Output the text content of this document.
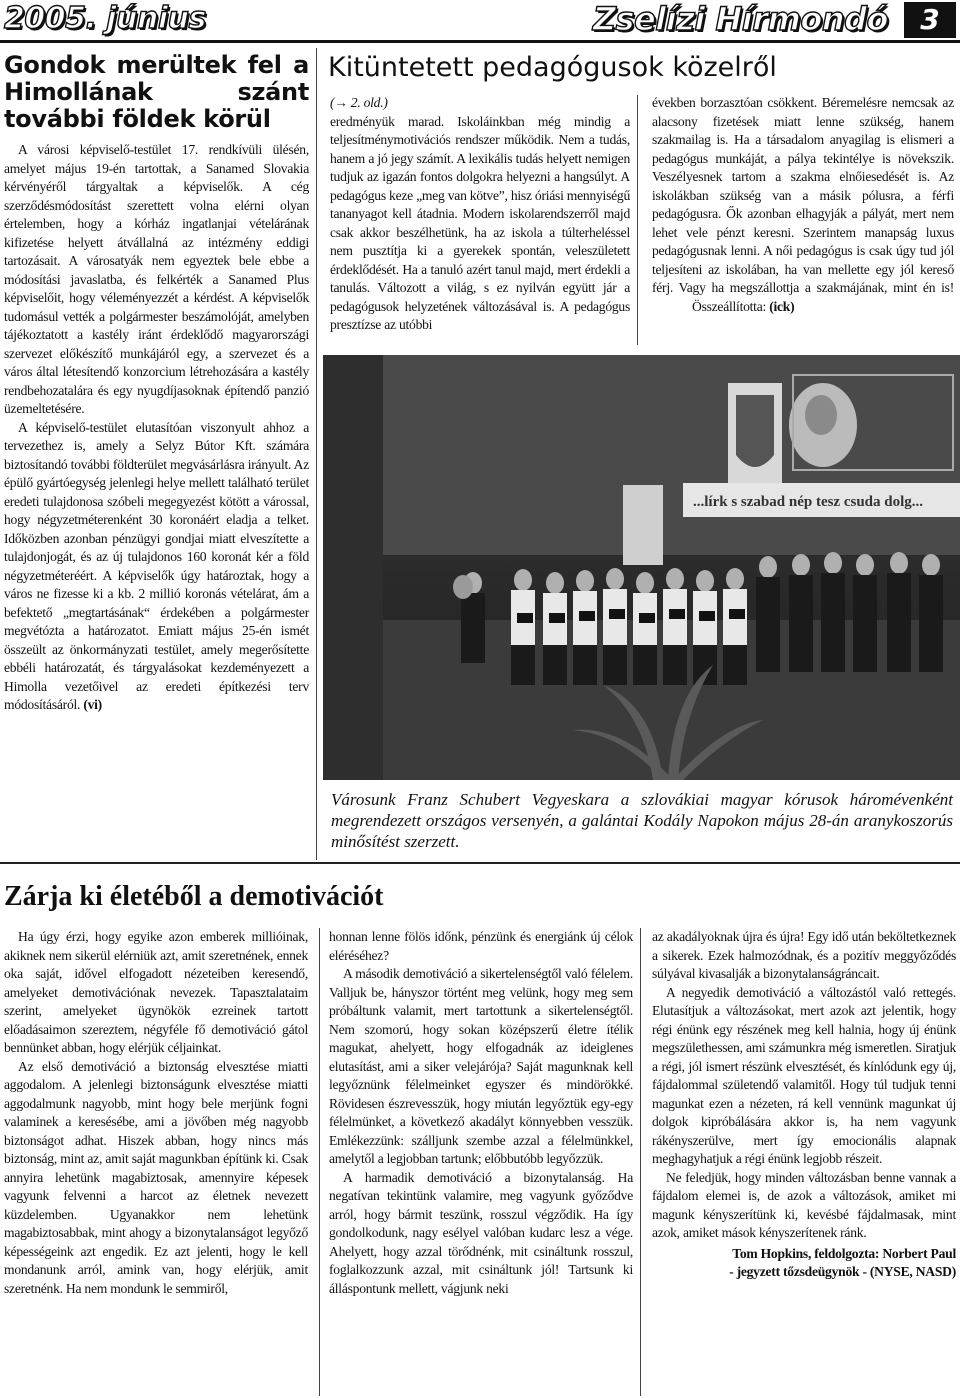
2005. június	Zselízi Hírmondó	3
Gondok merültek fel a Himollának szánt további földek körül

A városi képviselő-testület 17. rendkívüli ülésén, amelyet május 19-én tartottak, a Sanamed Slovakia kérvényéről tárgyaltak a képviselők. A cég szerződésmódosítást szerettett volna elérni olyan értelemben, hogy a kórház ingatlanjai vételárának kifizetése helyett átvállalná az intézmény eddigi tartozásait. A városatyák nem egyeztek bele ebbe a módosítási javaslatba, és felkérték a Sanamed Plus képviselőit, hogy véleményezzét a kérdést. A képviselők tudomásul vették a polgármester beszámolóját, amelyben tájékoztatott a kastély iránt érdeklődő magyarországi szervezet előkészítő munkájáról egy, a szervezet és a város által létesítendő konzorcium létrehozására a kastély rendbehozatalára és egy nyugdíjasoknak építendő panzió üzemeltetésére.

A képviselő-testület elutasítóan viszonyult ahhoz a tervezethez is, amely a Selyz Bútor Kft. számára biztosítandó további földterület megvásárlásra irányult. Az épülő gyártóegység jelenlegi helye mellett található terület eredeti tulajdonosa szóbeli megegyezést kötött a várossal, hogy négyzetméterenként 30 koronáért eladja a telket. Időközben azonban pénzügyi gondjai miatt elveszítette a tulajdonjogát, és az új tulajdonos 160 koronát kér a föld négyzetméteréért. A képviselők úgy határoztak, hogy a város ne fizesse ki a kb. 2 millió koronás vételárat, ám a befektető „megtartásának“ érdekében a polgármester megvétózta a határozatot. Emiatt május 25-én ismét összeült az önkormányzati testület, amely megerősítette ebbéli határozatát, és tárgyalásokat kezdeményezett a Himolla vezetőivel az eredeti építkezési terv módosításáról. (vi)

Kitüntetett pedagógusok közelről

(→ 2. old.)

eredményük marad. Iskoláinkban még mindig a teljesítménymotivációs rendszer működik. Nem a tudás, hanem a jó jegy számít. A lexikális tudás helyett nemigen tudjuk az igazán fontos dolgokra helyezni a hangsúlyt. A pedagógus keze „meg van kötve”, hisz óriási mennyiségű tananyagot kell átadnia. Modern iskolarendszerről majd csak akkor beszélhetünk, ha az iskola a túlterheléssel nem pusztítja ki a gyerekek spontán, veleszületett érdeklődését. Ha a tanuló azért tanul majd, mert érdekli a tanulás. Változott a világ, s ez nyilván együtt jár a pedagógusok helyzetének változásával is. A pedagógus presztízse az utóbbi

években borzasztóan csökkent. Béremelésre nemcsak az alacsony fizetések miatt lenne szükség, hanem szakmailag is. Ha a társadalom anyagilag is elismeri a pedagógus munkáját, a pálya tekintélye is növekszik. Veszélyesnek tartom a szakma elnőiesedését is. Az iskolákban szükség van a másik pólusra, a férfi pedagógusra. Ők azonban elhagyják a pályát, mert nem lehet vele pénzt keresni. Szerintem manapság luxus pedagógusnak lenni. A női pedagógus is csak úgy tud jól teljesíteni az iskolában, ha van mellette egy jól kereső férj. Vagy ha megszállottja a szakmájának, mint én is! Összeállította: (ick)

...lírk s szabad nép tesz csuda dolg...
Városunk Franz Schubert Vegyeskara a szlovákiai magyar kórusok háromévenként megrendezett országos versenyén, a galántai Kodály Napokon május 28-án aranykoszorús minősítést szerzett.
Zárja ki életéből a demotivációt

Ha úgy érzi, hogy egyike azon emberek millióinak, akiknek nem sikerül elérniük azt, amit szeretnének, ennek oka saját, idővel elfogadott nézeteiben keresendő, amelyeket demotivációnak nevezek. Tapasztalataim szerint, amelyeket ügynökök ezreinek tartott előadásaimon szereztem, négyféle fő demotiváció gátol bennünket abban, hogy elérjük céljainkat.

Az első demotiváció a biztonság elvesztése miatti aggodalom. A jelenlegi biztonságunk elvesztése miatti aggodalmunk nagyobb, mint hogy bele merjünk fogni valaminek a keresésébe, ami a jövőben még nagyobb biztonságot adhat. Hiszek abban, hogy nincs más biztonság, mint az, amit saját magunkban építünk ki. Csak annyira lehetünk magabiztosak, amennyire képesek vagyunk felvenni a harcot az életnek nevezett küzdelemben. Ugyanakkor nem lehetünk magabiztosabbak, mint ahogy a bizonytalanságot legyőző képességeink azt engedik. Ez azt jelenti, hogy le kell mondanunk arról, amink van, hogy elérjük, amit szeretnénk. Ha nem mondunk le semmiről,

honnan lenne fölös időnk, pénzünk és energiánk új célok eléréséhez?

A második demotiváció a sikertelenségtől való félelem. Valljuk be, hányszor történt meg velünk, hogy meg sem próbáltunk valamit, mert tartottunk a sikertelenségtől. Nem szomorú, hogy sokan középszerű életre ítélik magukat, ahelyett, hogy elfogadnák az ideiglenes elutasítást, ami a siker velejárója? Saját magunknak kell legyőznünk félelmeinket egyszer és mindörökké. Rövidesen észrevesszük, hogy miután legyőztük egy-egy félelmünket, a következő akadályt könnyebben vesszük. Emlékezzünk: szálljunk szembe azzal a félelmünkkel, amelytől a legjobban tartunk; előbbutóbb legyőzzük.

A harmadik demotiváció a bizonytalanság. Ha negatívan tekintünk valamire, meg vagyunk győződve arról, hogy bármit teszünk, rosszul végződik. Ha így gondolkodunk, nagy esélyel valóban kudarc lesz a vége. Ahelyett, hogy azzal törődnénk, mit csináltunk rosszul, foglalkozzunk azzal, mit csináltunk jól! Tartsunk ki álláspontunk mellett, vágjunk neki

az akadályoknak újra és újra! Egy idő után beköltetkeznek a sikerek. Ezek halmozódnak, és a pozitív meggyőződés súlyával kivasalják a bizonytalanságráncait.

A negyedik demotiváció a változástól való rettegés. Elutasítjuk a változásokat, mert azok azt jelentik, hogy régi énünk egy részének meg kell halnia, hogy új énünk megszülethessen, ami számunkra még ismeretlen. Siratjuk a régi, jól ismert részünk elvesztését, és kínlódunk egy új, fájdalommal születendő valamitől. Hogy túl tudjuk tenni magunkat ezen a nézeten, rá kell vennünk magunkat új dolgok kipróbálására akkor is, ha nem vagyunk rákényszerülve, mert így emocionális alapnak meghagyhatjuk a régi énünk legjobb részeit.

Ne feledjük, hogy minden változásban benne vannak a fájdalom elemei is, de azok a változások, amiket mi magunk kényszerítünk ki, kevésbé fájdalmasak, mint azok, amiket mások kényszerítenek ránk.

Tom Hopkins, feldolgozta: Norbert Paul
- jegyzett tőzsdeügynök - (NYSE, NASD)
